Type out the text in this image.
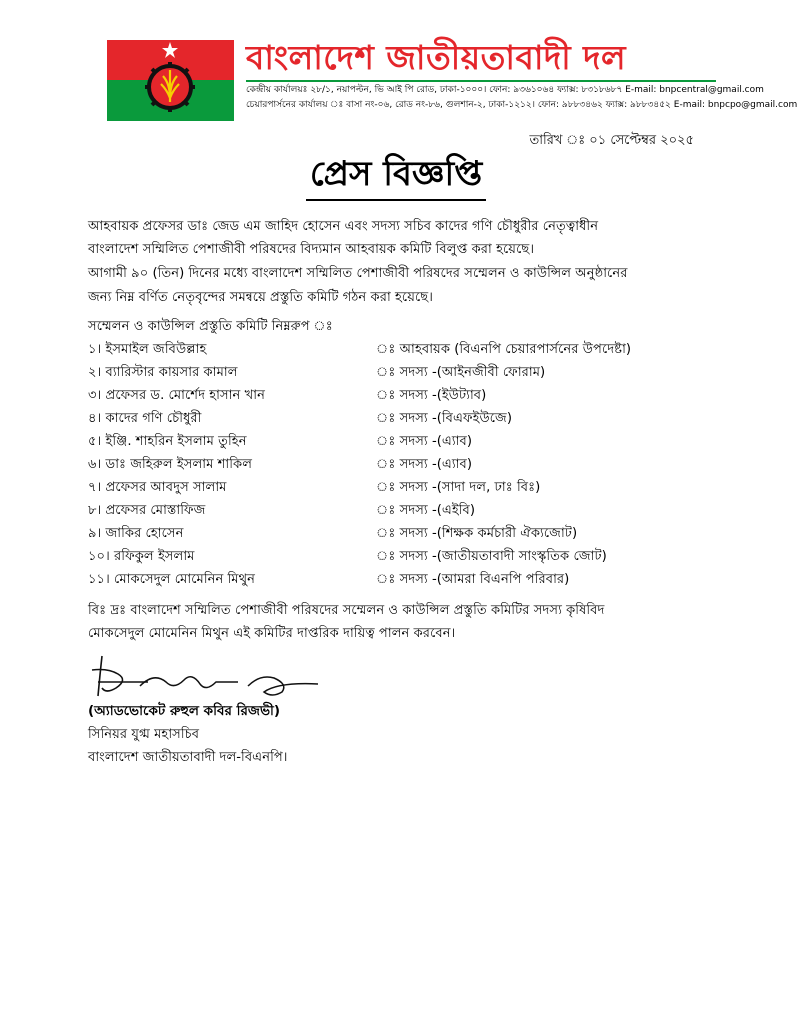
বাংলাদেশ জাতীয়তাবাদী দল
কেন্দ্রীয় কার্যালয়ঃ ২৮/১, নয়াপল্টন, ভি আই পি রোড, ঢাকা-১০০০। ফোন: ৯৩৬১০৬৪ ফ্যাক্স: ৮৩১৮৬৮৭ E-mail: bnpcentral@gmail.com
চেয়ারপার্সনের কার্যালয় ঃ বাসা নং-০৬, রোড নং-৮৬, গুলশান-২, ঢাকা-১২১২। ফোন: ৯৮৮৩৪৬২ ফ্যাক্স: ৯৮৮৩৪৫২ E-mail: bnpcpo@gmail.com
তারিখ ঃ ০১ সেপ্টেম্বর ২০২৫
প্রেস বিজ্ঞপ্তি
আহবায়ক প্রফেসর ডাঃ জেড এম জাহিদ হোসেন এবং সদস্য সচিব কাদের গণি চৌধুরীর নেতৃত্বাধীন
বাংলাদেশ সম্মিলিত পেশাজীবী পরিষদের বিদ্যমান আহবায়ক কমিটি বিলুপ্ত করা হয়েছে।
আগামী ৯০ (তিন) দিনের মধ্যে বাংলাদেশ সম্মিলিত পেশাজীবী পরিষদের সম্মেলন ও কাউন্সিল অনুষ্ঠানের
জন্য নিম্ন বর্ণিত নেতৃবৃন্দের সমন্বয়ে প্রস্তুতি কমিটি গঠন করা হয়েছে।
সম্মেলন ও কাউন্সিল প্রস্তুতি কমিটি নিম্নরুপ ঃ
১। ইসমাইল জবিউল্লাহ	ঃ আহবায়ক (বিএনপি চেয়ারপার্সনের উপদেষ্টা)
২। ব্যারিস্টার কায়সার কামাল	ঃ সদস্য -(আইনজীবী ফোরাম)
৩। প্রফেসর ড. মোর্শেদ হাসান খান	ঃ সদস্য -(ইউট্যাব)
৪। কাদের গণি চৌধুরী	ঃ সদস্য -(বিএফইউজে)
৫। ইঞ্জি. শাহরিন ইসলাম তুহিন	ঃ সদস্য -(এ্যাব)
৬। ডাঃ জহিরুল ইসলাম শাকিল	ঃ সদস্য -(এ্যাব)
৭। প্রফেসর আবদুস সালাম	ঃ সদস্য -(সাদা দল, ঢাঃ বিঃ)
৮। প্রফেসর মোস্তাফিজ	ঃ সদস্য -(এইবি)
৯। জাকির হোসেন	ঃ সদস্য -(শিক্ষক কর্মচারী ঐক্যজোট)
১০। রফিকুল ইসলাম	ঃ সদস্য -(জাতীয়তাবাদী সাংস্কৃতিক জোট)
১১। মোকসেদুল মোমেনিন মিথুন	ঃ সদস্য -(আমরা বিএনপি পরিবার)
বিঃ দ্রঃ বাংলাদেশ সম্মিলিত পেশাজীবী পরিষদের সম্মেলন ও কাউন্সিল প্রস্তুতি কমিটির সদস্য কৃষিবিদ
মোকসেদুল মোমেনিন মিথুন এই কমিটির দাপ্তরিক দায়িত্ব পালন করবেন।
(অ্যাডভোকেট রুহুল কবির রিজভী)
সিনিয়র যুগ্ম মহাসচিব
বাংলাদেশ জাতীয়তাবাদী দল-বিএনপি।
